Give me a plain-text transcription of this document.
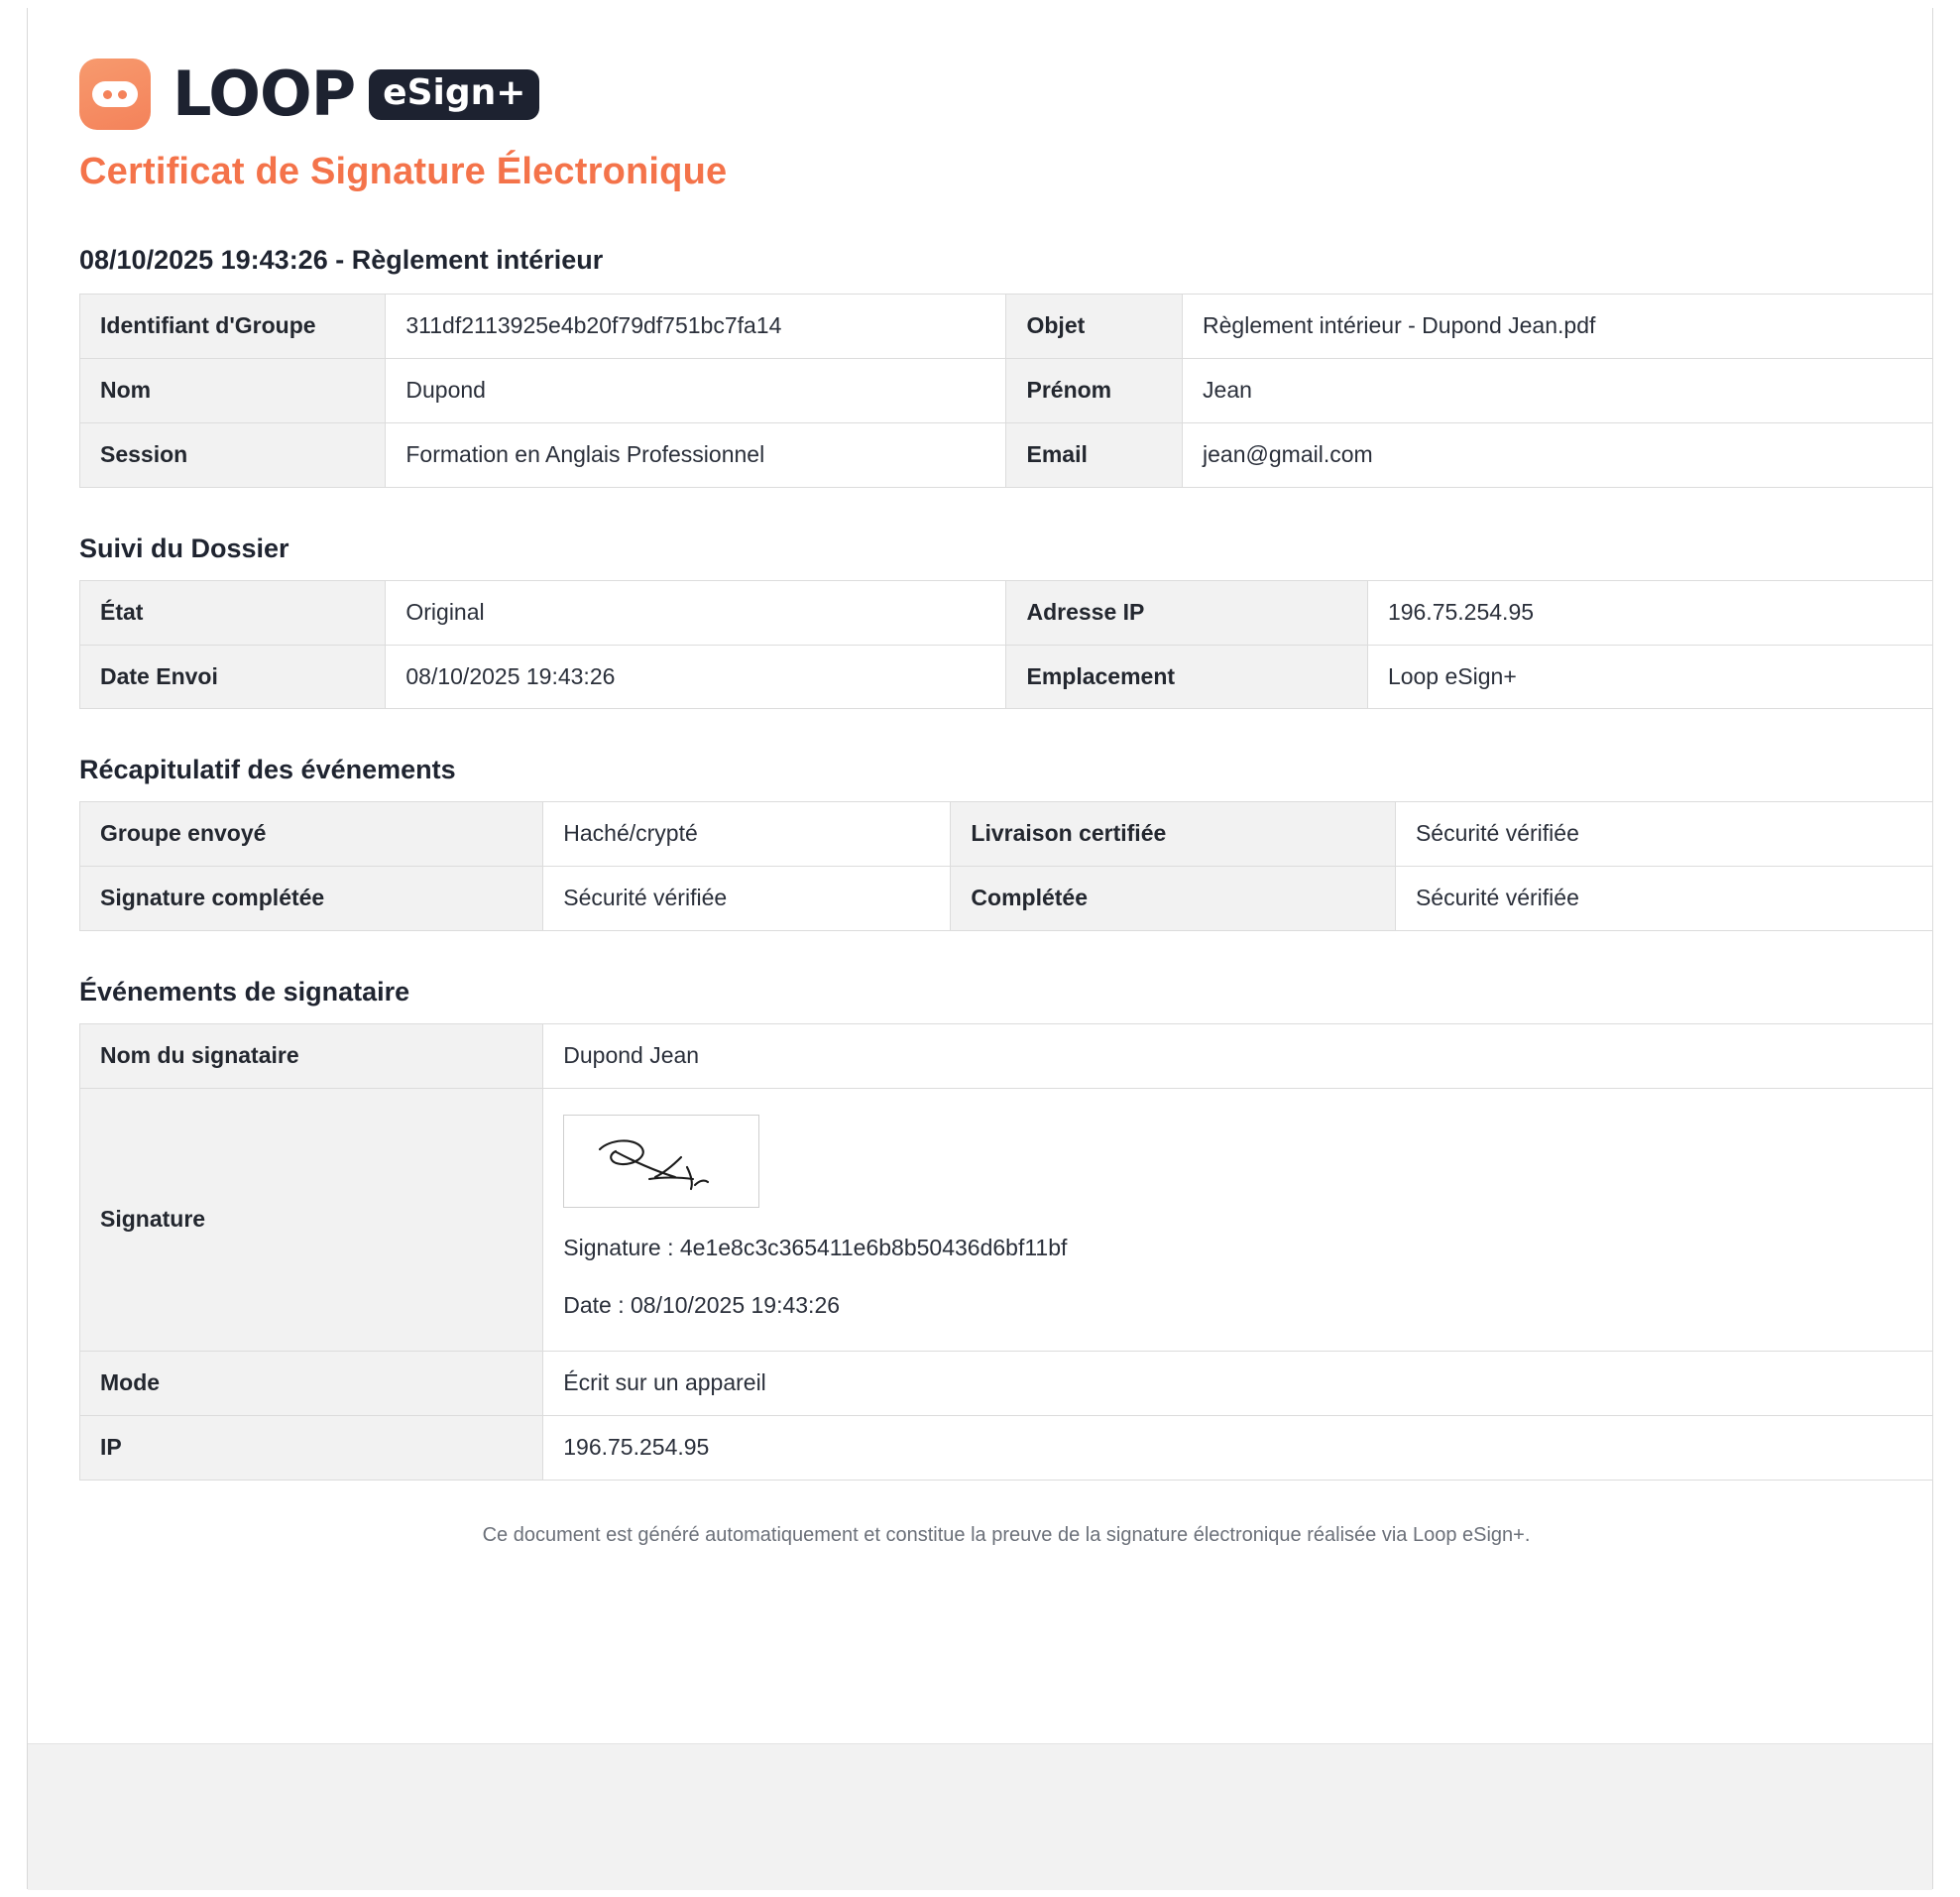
LOOP eSign+
Certificat de Signature Électronique
08/10/2025 19:43:26 - Règlement intérieur
Identifiant d'Groupe	311df2113925e4b20f79df751bc7fa14	Objet	Règlement intérieur - Dupond Jean.pdf
Nom	Dupond	Prénom	Jean
Session	Formation en Anglais Professionnel	Email	jean@gmail.com
Suivi du Dossier
État	Original	Adresse IP	196.75.254.95
Date Envoi	08/10/2025 19:43:26	Emplacement	Loop eSign+
Récapitulatif des événements
Groupe envoyé	Haché/crypté	Livraison certifiée	Sécurité vérifiée
Signature complétée	Sécurité vérifiée	Complétée	Sécurité vérifiée
Événements de signataire
Nom du signataire	Dupond Jean
Signature	Signature : 4e1e8c3c365411e6b8b50436d6bf11bf

Date : 08/10/2025 19:43:26

Mode	Écrit sur un appareil
IP	196.75.254.95

Ce document est généré automatiquement et constitue la preuve de la signature électronique réalisée via Loop eSign+.
